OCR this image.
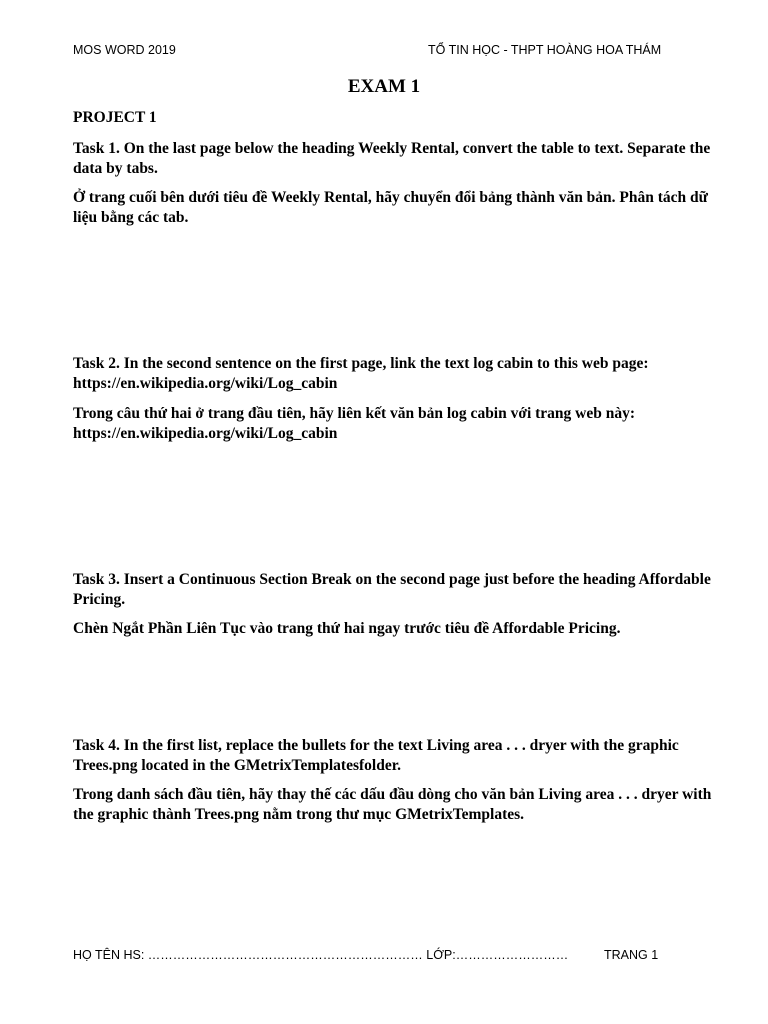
MOS WORD 2019	TỔ TIN HỌC - THPT HOÀNG HOA THÁM
EXAM 1
PROJECT 1

Task 1. On the last page below the heading Weekly Rental, convert the table to text. Separate the data by tabs.

Ở trang cuối bên dưới tiêu đề Weekly Rental, hãy chuyển đổi bảng thành văn bản. Phân tách dữ liệu bằng các tab.

Task 2. In the second sentence on the first page, link the text log cabin to this web page: https://en.wikipedia.org/wiki/Log_cabin

Trong câu thứ hai ở trang đầu tiên, hãy liên kết văn bản log cabin với trang web này: https://en.wikipedia.org/wiki/Log_cabin

Task 3. Insert a Continuous Section Break on the second page just before the heading Affordable Pricing.

Chèn Ngắt Phần Liên Tục vào trang thứ hai ngay trước tiêu đề Affordable Pricing.

Task 4. In the first list, replace the bullets for the text Living area . . . dryer with the graphic Trees.png located in the GMetrixTemplatesfolder.

Trong danh sách đầu tiên, hãy thay thế các dấu đầu dòng cho văn bản Living area . . . dryer with the graphic thành Trees.png nằm trong thư mục GMetrixTemplates.

HỌ TÊN HS: ………………………………………………………… LỚP:………………………	TRANG 1
